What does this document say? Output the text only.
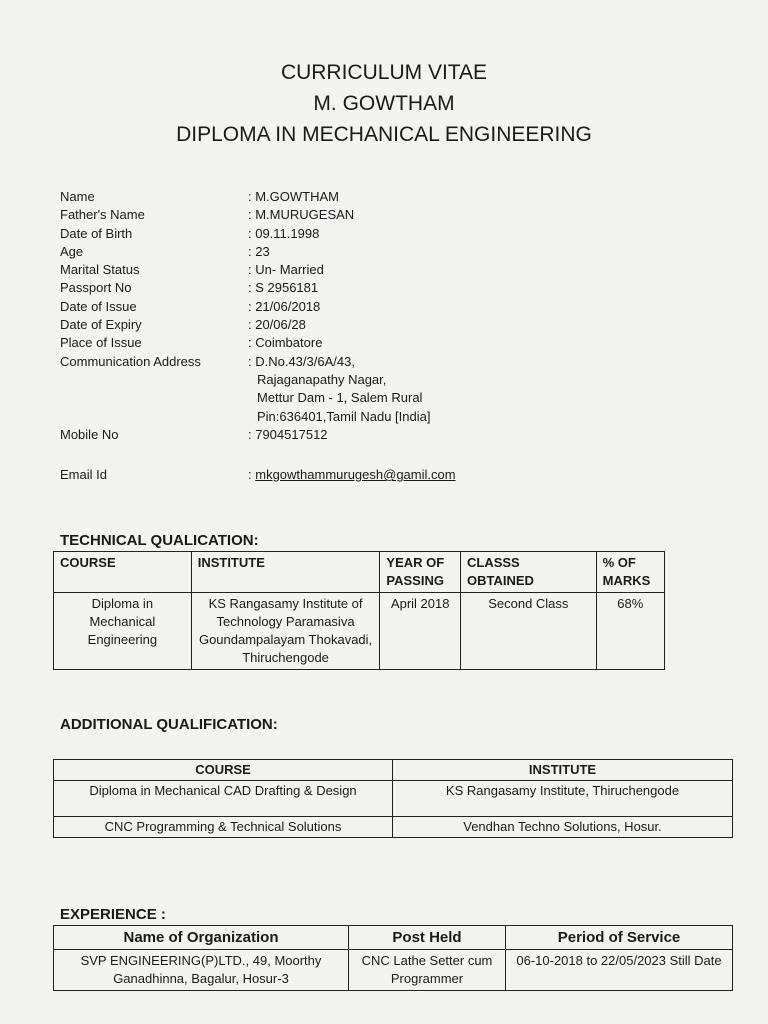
CURRICULUM VITAE
M. GOWTHAM
DIPLOMA IN MECHANICAL ENGINEERING
Name	: M.GOWTHAM
Father's Name	: M.MURUGESAN
Date of Birth	: 09.11.1998
Age	: 23
Marital Status	: Un- Married
Passport No	: S 2956181
Date of Issue	: 21/06/2018
Date of Expiry	: 20/06/28
Place of Issue	: Coimbatore
Communication Address	: D.No.43/3/6A/43,
Rajaganapathy Nagar,
Mettur Dam - 1, Salem Rural
Pin:636401,Tamil Nadu [India]
Mobile No	: 7904517512
Email Id	: mkgowthammurugesh@gamil.com
TECHNICAL QUALICATION:
COURSE	INSTITUTE	YEAR OF PASSING	CLASSS OBTAINED	% OF MARKS
Diploma in Mechanical Engineering	KS Rangasamy Institute of Technology Paramasiva Goundampalayam Thokavadi, Thiruchengode	April 2018	Second Class	68%
ADDITIONAL QUALIFICATION:
COURSE	INSTITUTE
Diploma in Mechanical CAD Drafting & Design	KS Rangasamy Institute, Thiruchengode
CNC Programming & Technical Solutions	Vendhan Techno Solutions, Hosur.
EXPERIENCE :
Name of Organization	Post Held	Period of Service
SVP ENGINEERING(P)LTD., 49, Moorthy Ganadhinna, Bagalur, Hosur-3	CNC Lathe Setter cum Programmer	06-10-2018 to 22/05/2023 Still Date
